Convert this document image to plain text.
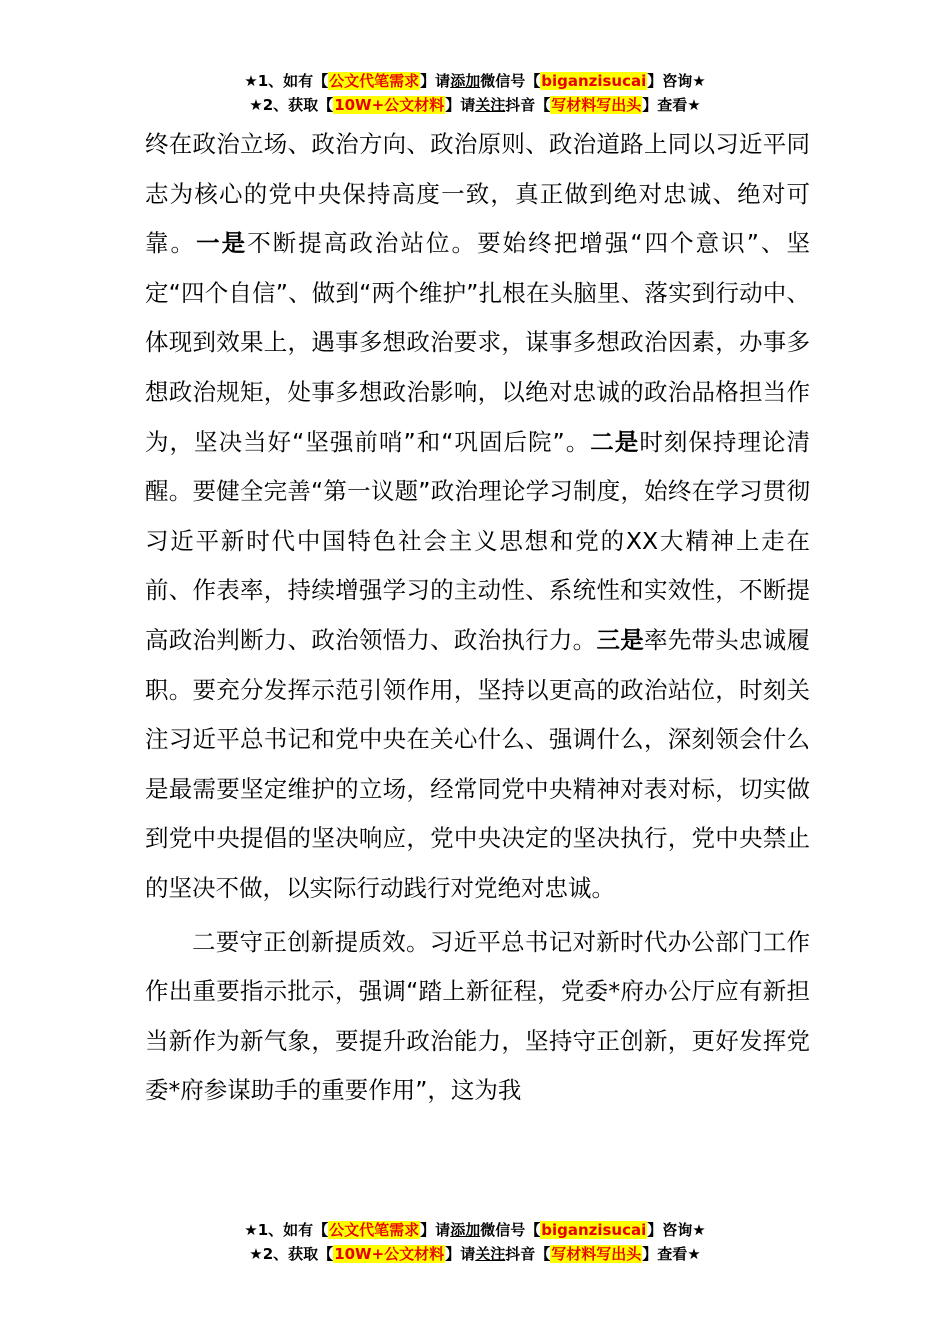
★1、如有【公文代笔需求】请添加微信号【biganzisucai】咨询★
★2、获取【10W+公文材料】请关注抖音【写材料写出头】查看★

终在政治立场、政治方向、政治原则、政治道路上同以习近平同志为核心的党中央保持高度一致，真正做到绝对忠诚、绝对可靠。一是不断提高政治站位。要始终把增强“四个意识”、坚定“四个自信”、做到“两个维护”扎根在头脑里、落实到行动中、体现到效果上，遇事多想政治要求，谋事多想政治因素，办事多想政治规矩，处事多想政治影响，以绝对忠诚的政治品格担当作为，坚决当好“坚强前哨”和“巩固后院”。二是时刻保持理论清醒。要健全完善“第一议题”政治理论学习制度，始终在学习贯彻习近平新时代中国特色社会主义思想和党的XX大精神上走在前、作表率，持续增强学习的主动性、系统性和实效性，不断提高政治判断力、政治领悟力、政治执行力。三是率先带头忠诚履职。要充分发挥示范引领作用，坚持以更高的政治站位，时刻关注习近平总书记和党中央在关心什么、强调什么，深刻领会什么是最需要坚定维护的立场，经常同党中央精神对表对标，切实做到党中央提倡的坚决响应，党中央决定的坚决执行，党中央禁止的坚决不做，以实际行动践行对党绝对忠诚。

二要守正创新提质效。习近平总书记对新时代办公部门工作作出重要指示批示，强调“踏上新征程，党委*府办公厅应有新担当新作为新气象，要提升政治能力，坚持守正创新，更好发挥党委*府参谋助手的重要作用”，这为我

★1、如有【公文代笔需求】请添加微信号【biganzisucai】咨询★
★2、获取【10W+公文材料】请关注抖音【写材料写出头】查看★
